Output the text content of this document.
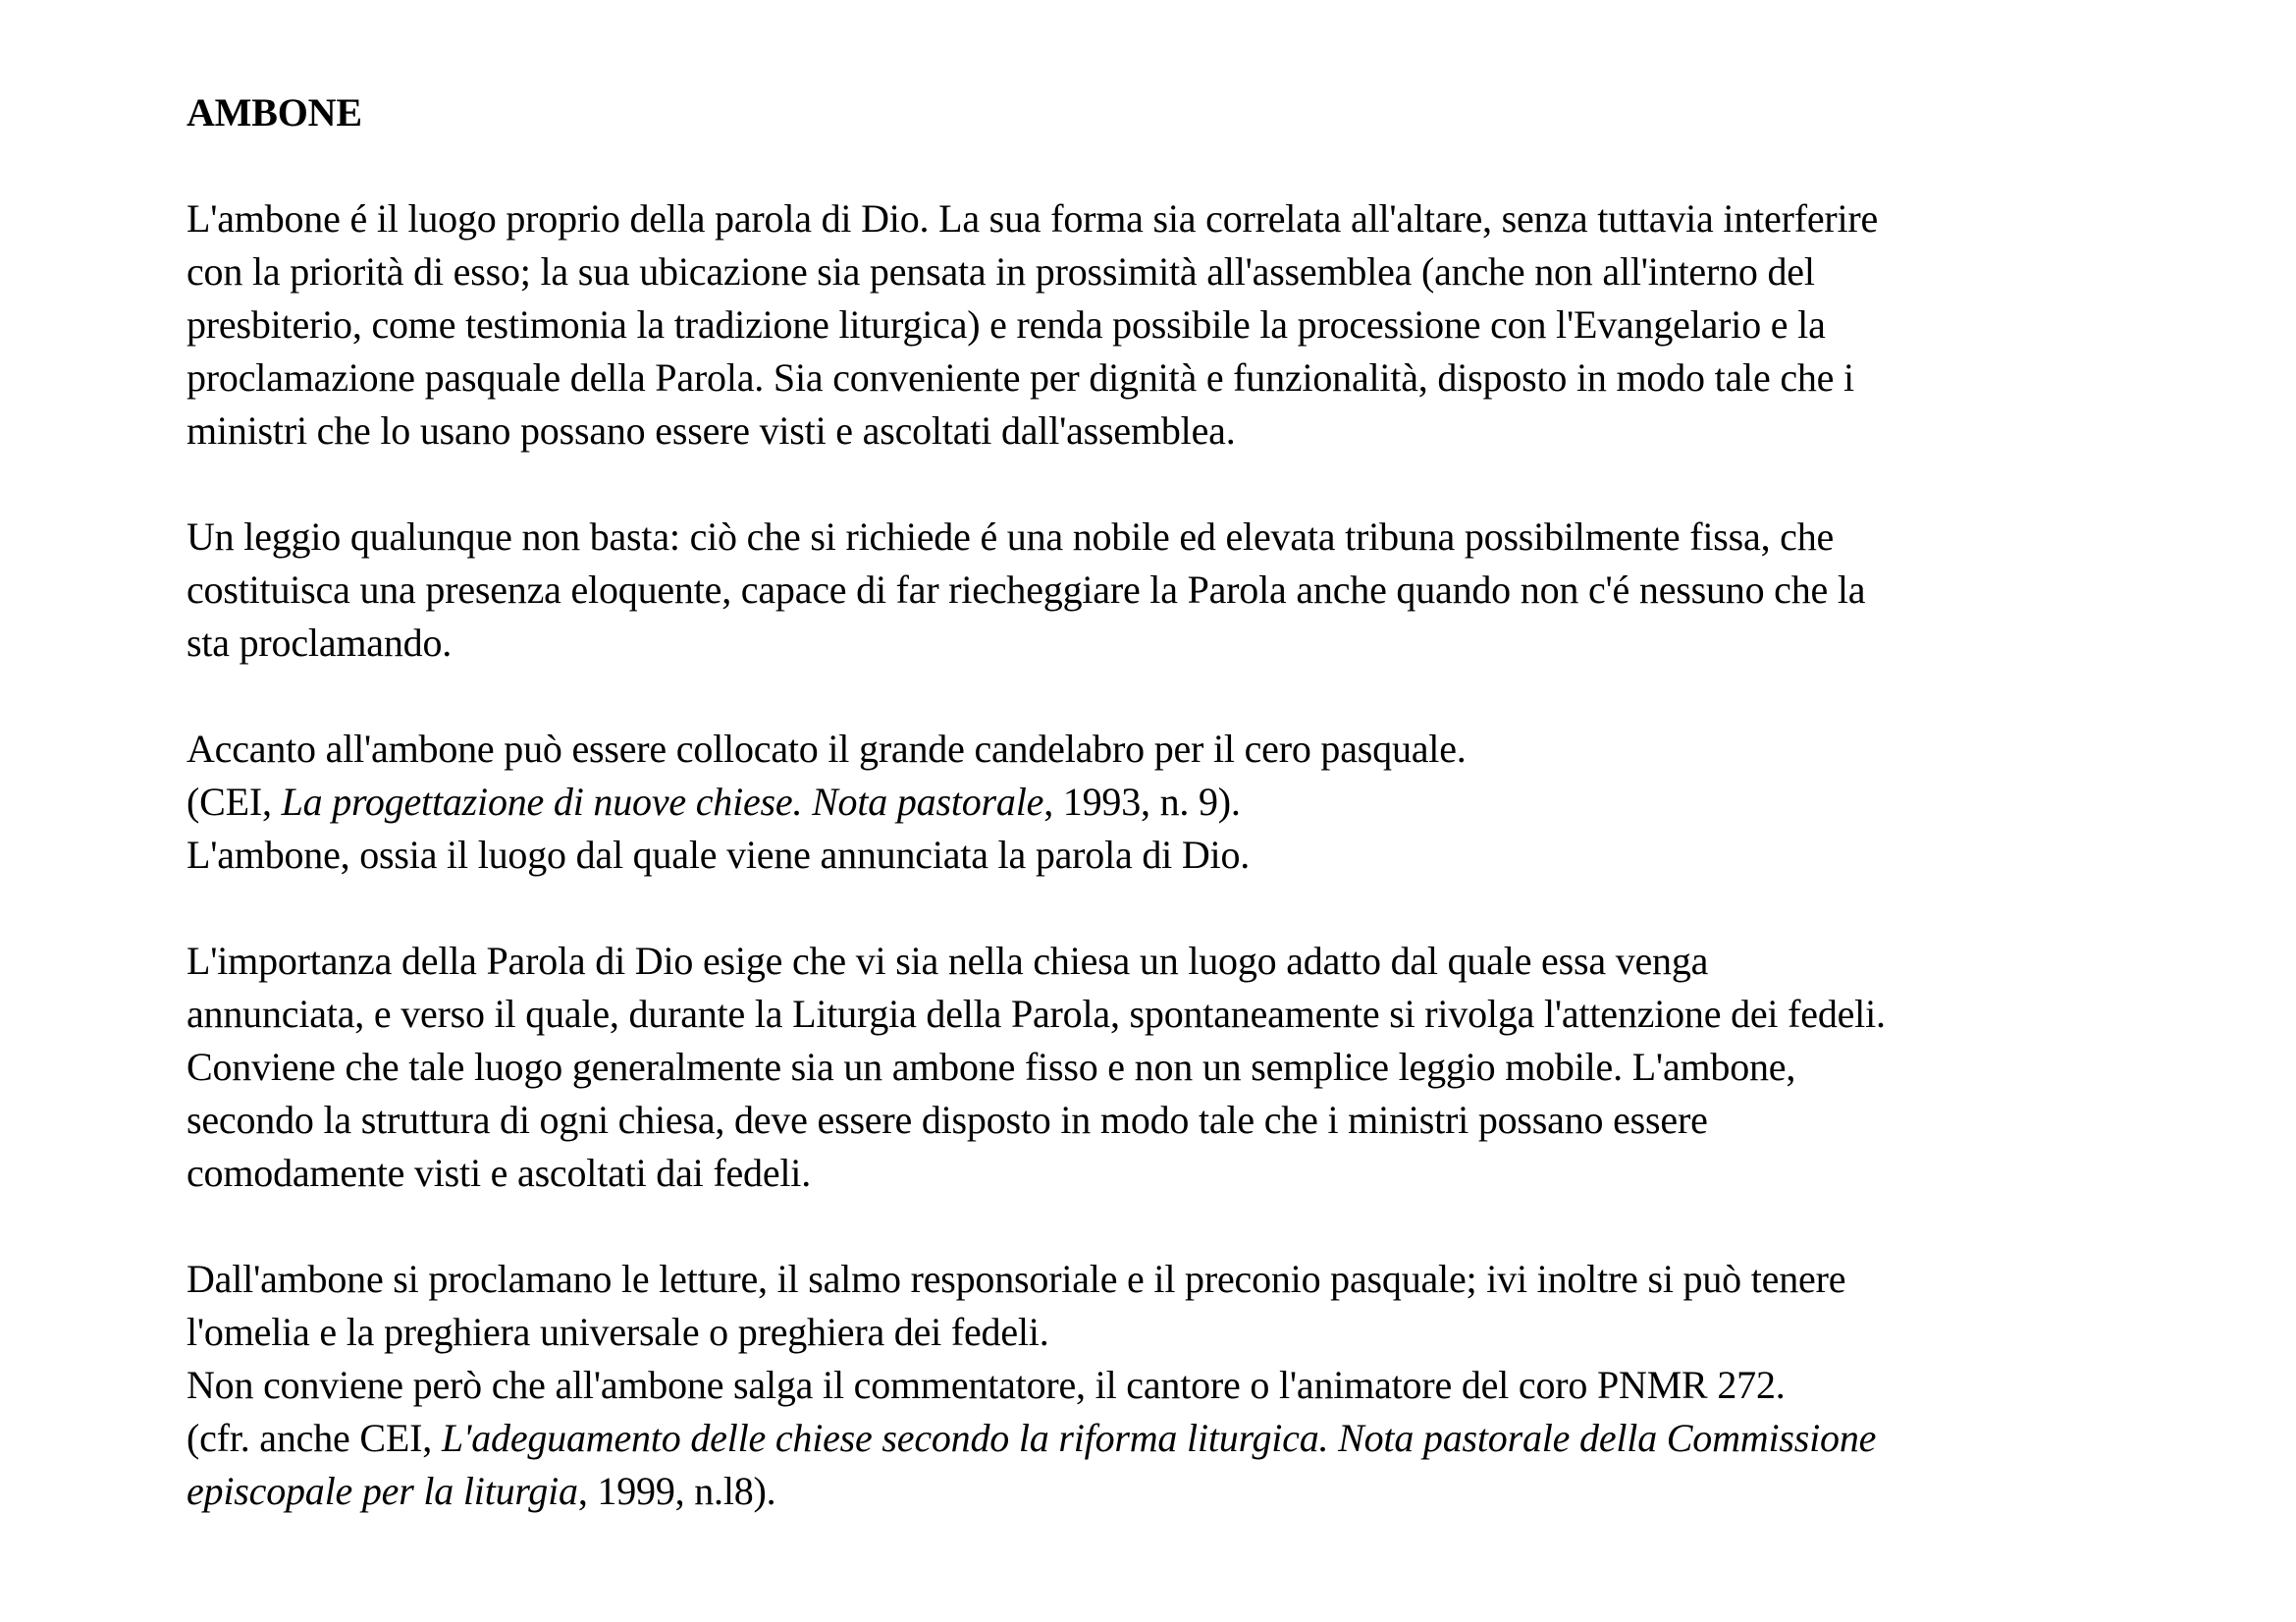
AMBONE
L'ambone é il luogo proprio della parola di Dio. La sua forma sia correlata all'altare, senza tuttavia interferire
con la priorità di esso; la sua ubicazione sia pensata in prossimità all'assemblea (anche non all'interno del
presbiterio, come testimonia la tradizione liturgica) e renda possibile la processione con l'Evangelario e la
proclamazione pasquale della Parola. Sia conveniente per dignità e funzionalità, disposto in modo tale che i
ministri che lo usano possano essere visti e ascoltati dall'assemblea.
Un leggio qualunque non basta: ciò che si richiede é una nobile ed elevata tribuna possibilmente fissa, che
costituisca una presenza eloquente, capace di far riecheggiare la Parola anche quando non c'é nessuno che la
sta proclamando.
Accanto all'ambone può essere collocato il grande candelabro per il cero pasquale.
(CEI, La progettazione di nuove chiese. Nota pastorale, 1993, n. 9).
L'ambone, ossia il luogo dal quale viene annunciata la parola di Dio.
L'importanza della Parola di Dio esige che vi sia nella chiesa un luogo adatto dal quale essa venga
annunciata, e verso il quale, durante la Liturgia della Parola, spontaneamente si rivolga l'attenzione dei fedeli.
Conviene che tale luogo generalmente sia un ambone fisso e non un semplice leggio mobile. L'ambone,
secondo la struttura di ogni chiesa, deve essere disposto in modo tale che i ministri possano essere
comodamente visti e ascoltati dai fedeli.
Dall'ambone si proclamano le letture, il salmo responsoriale e il preconio pasquale; ivi inoltre si può tenere
l'omelia e la preghiera universale o preghiera dei fedeli.
Non conviene però che all'ambone salga il commentatore, il cantore o l'animatore del coro PNMR 272.
(cfr. anche CEI, L'adeguamento delle chiese secondo la riforma liturgica. Nota pastorale della Commissione
episcopale per la liturgia, 1999, n.l8).
